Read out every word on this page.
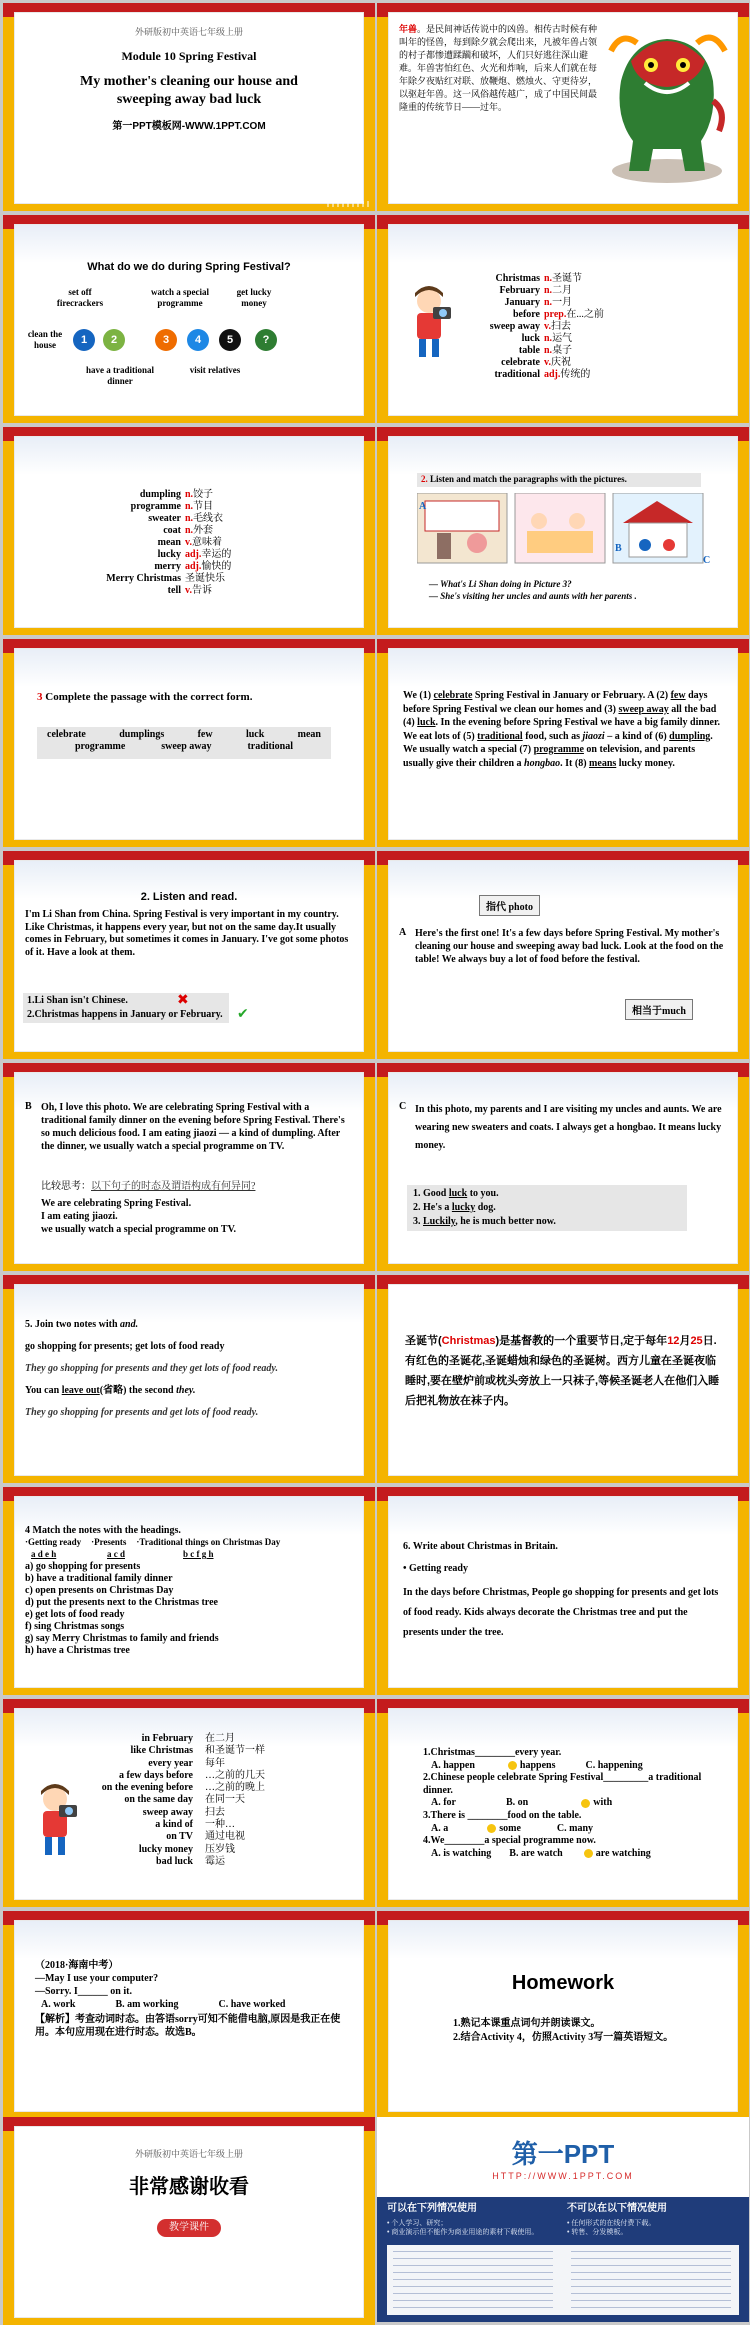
外研版初中英语七年级上册
Module 10 Spring Festival
My mother's cleaning our house and
sweeping away bad luck
第一PPT模板网-WWW.1PPT.COM
年兽。是民间神话传说中的凶兽。相传古时候有种叫年的怪兽，每到除夕就会爬出来，凡被年兽占领的村子都惨遭蹂躏和破坏，人们只好逃往深山避难。年兽害怕红色、火光和炸响，后来人们就在每年除夕夜贴红对联、放鞭炮、燃烛火、守更待岁，以驱赶年兽。这一风俗越传越广，成了中国民间最隆重的传统节日——过年。
What do we do during Spring Festival?
set off firecrackers
watch a special programme
get lucky money
clean the house	1	2	3	4	5	?
have a traditional dinner
visit relatives
Christmas n. 圣诞节
February n. 二月
January n. 一月
before prep. 在...之前
sweep away v. 扫去
luck n. 运气
table n. 桌子
celebrate v. 庆祝
traditional adj. 传统的
dumpling n. 饺子
programme n. 节目
sweater n. 毛线衣
coat n. 外套
mean v. 意味着
lucky adj. 幸运的
merry adj. 愉快的
Merry Christmas 圣诞快乐
tell v. 告诉
2. Listen and match the paragraphs with the pictures.
A
B
C
— What's Li Shan doing in Picture 3?
— She's visiting her uncles and aunts with her parents .
3 Complete the passage with the correct form.
celebrate	dumplings	few	luck	mean
programme	sweep away	traditional
We (1) celebrate Spring Festival in January or February. A (2) few days before Spring Festival we clean our homes and (3) sweep away all the bad (4) luck. In the evening before Spring Festival we have a big family dinner. We eat lots of (5) traditional food, such as jiaozi – a kind of (6) dumpling. We usually watch a special (7) programme on television, and parents usually give their children a hongbao. It (8) means lucky money.
2. Listen and read.
I'm Li Shan from China. Spring Festival is very important in my country. Like Christmas, it happens every year, but not on the same day.It usually comes in February, but sometimes it comes in January. I've got some photos of it. Have a look at them.
1.Li Shan isn't Chinese.
2.Christmas happens in January or February.
✖
✔
A Here's the first one! It's a few days before Spring Festival. My mother's cleaning our house and sweeping away bad luck. Look at the food on the table! We always buy a lot of food before the festival.
指代 photo
相当于much
B Oh, I love this photo. We are celebrating Spring Festival with a traditional family dinner on the evening before Spring Festival. There's so much delicious food. I am eating jiaozi — a kind of dumpling. After the dinner, we usually watch a special programme on TV.
比较思考：以下句子的时态及谓语构成有何异同?
We are celebrating Spring Festival.
I am eating jiaozi.
we usually watch a special programme on TV.
C In this photo, my parents and I are visiting my uncles and aunts. We are wearing new sweaters and coats. I always get a hongbao. It means lucky money.
1. Good luck to you.
2. He's a lucky dog.
3. Luckily, he is much better now.
5. Join two notes with and.
go shopping for presents; get lots of food ready
They go shopping for presents and they get lots of food ready.
You can leave out(省略) the second they.
They go shopping for presents and get lots of food ready.
圣诞节(Christmas)是基督教的一个重要节日,定于每年12月25日.有红色的圣诞花,圣诞蜡烛和绿色的圣诞树。西方儿童在圣诞夜临睡时,要在壁炉前或枕头旁放上一只袜子,等候圣诞老人在他们入睡后把礼物放在袜子内。
4 Match the notes with the headings.
·Getting ready ·Presents ·Traditional things on Christmas Day
a d e h	a c d	b c f g h
a) go shopping for presents
b) have a traditional family dinner
c) open presents on Christmas Day
d) put the presents next to the Christmas tree
e) get lots of food ready
f) sing Christmas songs
g) say Merry Christmas to family and friends
h) have a Christmas tree
6. Write about Christmas in Britain.
• Getting ready
In the days before Christmas, People go shopping for presents and get lots of food ready. Kids always decorate the Christmas tree and put the presents under the tree.
in February	在二月
like Christmas	和圣诞节一样
every year	每年
a few days before	…之前的几天
on the evening before	…之前的晚上
on the same day	在同一天
sweep away	扫去
a kind of	一种…
on TV	通过电视
lucky money	压岁钱
bad luck	霉运
1.Christmas________every year.
A. happen	happens	C. happening
2.Chinese people celebrate Spring Festival_________a traditional dinner.
A. for	B. on	with
3.There is ________food on the table.
A. a	some	C. many
4.We________a special programme now.
A. is watching B. are watch	are watching
（2018·海南中考）
—May I use your computer?
—Sorry. I______ on it.
A. work	B. am working	C. have worked
【解析】考查动词时态。由答语sorry可知不能借电脑,原因是我正在使用。本句应用现在进行时态。故选B。
Homework
1.熟记本课重点词句并朗读课文。
2.结合Activity 4，仿照Activity 3写一篇英语短文。
外研版初中英语七年级上册
非常感谢收看
教学课件
第一PPT
HTTP://WWW.1PPT.COM
可以在下列情况使用	不可以在以下情况使用
• 个人学习、研究；
• 商业演示但不能作为商业用途的素材下载使用。
• 任何形式的在线付费下载。
• 转售、分发模板。
